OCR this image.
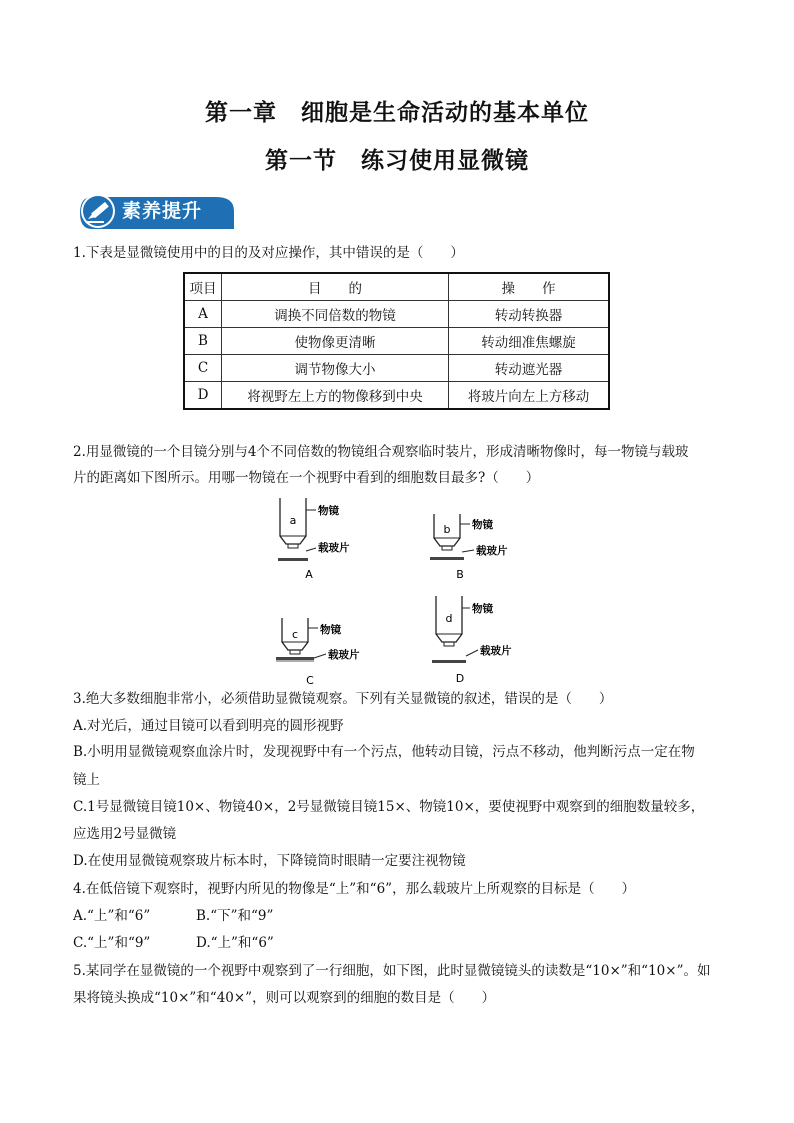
第一章　细胞是生命活动的基本单位
第一节　练习使用显微镜
素养提升
1.下表是显微镜使用中的目的及对应操作，其中错误的是（　　）
项目	目　　的	操　　作
A	调换不同倍数的物镜	转动转换器
B	使物像更清晰	转动细准焦螺旋
C	调节物像大小	转动遮光器
D	将视野左上方的物像移到中央	将玻片向左上方移动
2.用显微镜的一个目镜分别与4个不同倍数的物镜组合观察临时装片，形成清晰物像时，每一物镜与载玻
片的距离如下图所示。用哪一物镜在一个视野中看到的细胞数目最多?（　　）
a
物镜
载玻片
A
b 物镜
载玻片
B
c 物镜
载玻片
C
d
物镜
载玻片
D
3.绝大多数细胞非常小，必须借助显微镜观察。下列有关显微镜的叙述，错误的是（　　）
A.对光后，通过目镜可以看到明亮的圆形视野
B.小明用显微镜观察血涂片时，发现视野中有一个污点，他转动目镜，污点不移动，他判断污点一定在物
镜上
C.1号显微镜目镜10×、物镜40×，2号显微镜目镜15×、物镜10×，要使视野中观察到的细胞数量较多，
应选用2号显微镜
D.在使用显微镜观察玻片标本时，下降镜筒时眼睛一定要注视物镜
4.在低倍镜下观察时，视野内所见的物像是“上”和“6”，那么载玻片上所观察的目标是（　　）
A.“上”和“6”	B.“下”和“9”
C.“上”和“9”	D.“上”和“6”
5.某同学在显微镜的一个视野中观察到了一行细胞，如下图，此时显微镜镜头的读数是“10×”和“10×”。如
果将镜头换成“10×”和“40×”，则可以观察到的细胞的数目是（　　）
